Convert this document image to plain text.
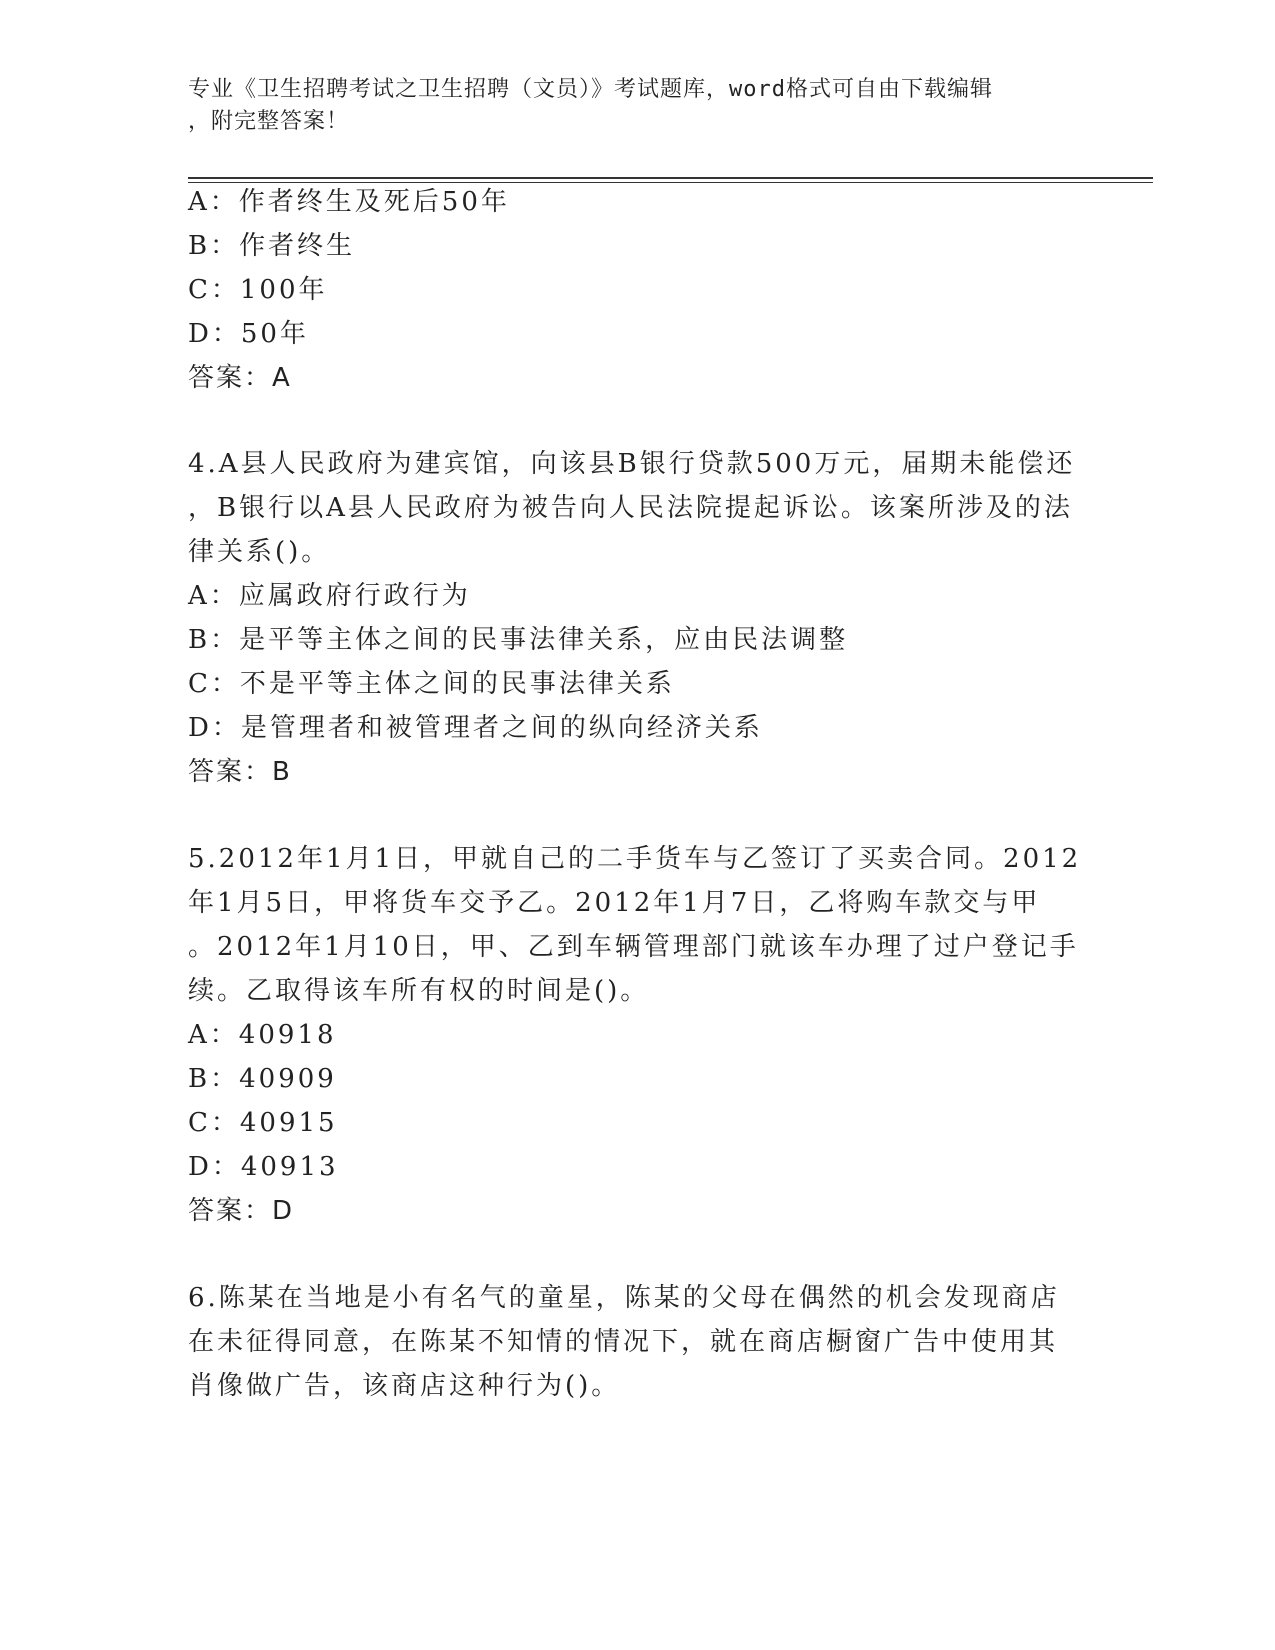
专业《卫生招聘考试之卫生招聘（文员）》考试题库，word格式可自由下载编辑
，附完整答案！
A：作者终生及死后50年
B：作者终生
C：100年
D：50年
答案：A
4.A县人民政府为建宾馆，向该县B银行贷款500万元，届期未能偿还
，B银行以A县人民政府为被告向人民法院提起诉讼。该案所涉及的法
律关系()。
A：应属政府行政行为
B：是平等主体之间的民事法律关系，应由民法调整
C：不是平等主体之间的民事法律关系
D：是管理者和被管理者之间的纵向经济关系
答案：B
5.2012年1月1日，甲就自己的二手货车与乙签订了买卖合同。2012
年1月5日，甲将货车交予乙。2012年1月7日，乙将购车款交与甲
。2012年1月10日，甲、乙到车辆管理部门就该车办理了过户登记手
续。乙取得该车所有权的时间是()。
A：40918
B：40909
C：40915
D：40913
答案：D
6.陈某在当地是小有名气的童星，陈某的父母在偶然的机会发现商店
在未征得同意，在陈某不知情的情况下，就在商店橱窗广告中使用其
肖像做广告，该商店这种行为()。
